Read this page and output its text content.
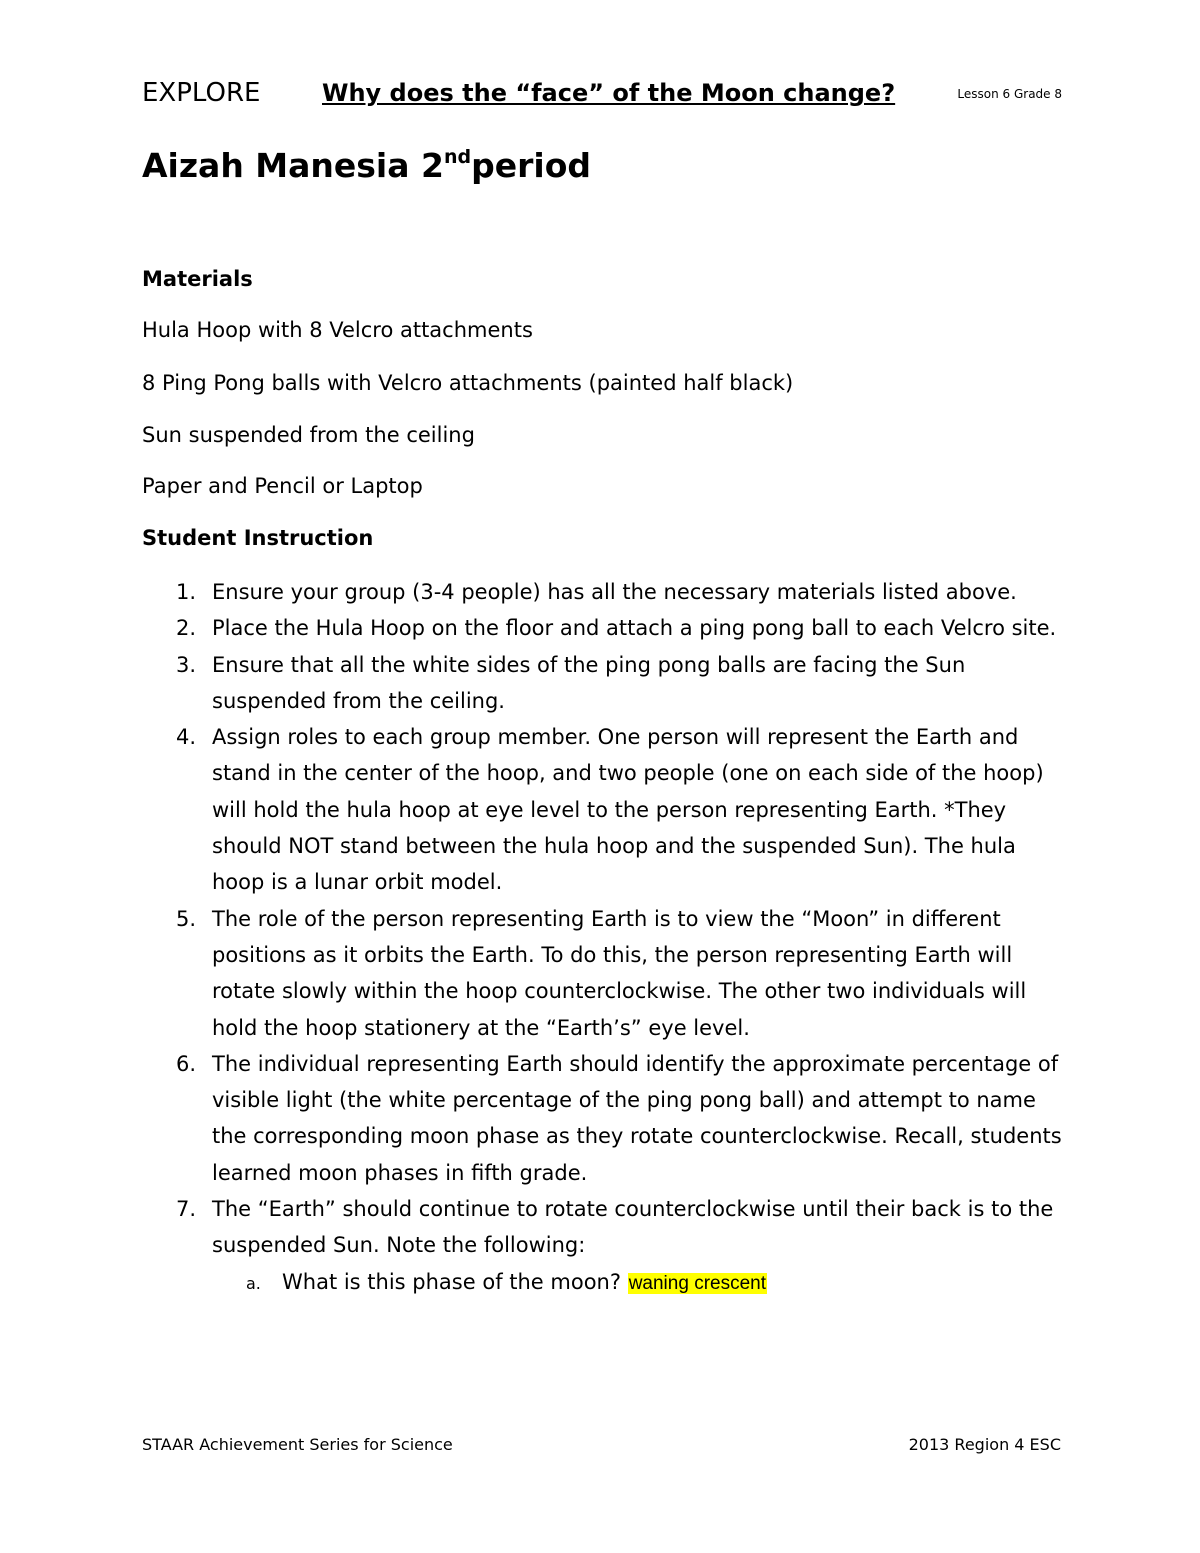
EXPLORE	Why does the “face” of the Moon change?	Lesson 6 Grade 8
Aizah Manesia 2ndperiod
Materials
Hula Hoop with 8 Velcro attachments
8 Ping Pong balls with Velcro attachments (painted half black)
Sun suspended from the ceiling
Paper and Pencil or Laptop
Student Instruction
1. Ensure your group (3-4 people) has all the necessary materials listed above.
2. Place the Hula Hoop on the floor and attach a ping pong ball to each Velcro site.
3. Ensure that all the white sides of the ping pong balls are facing the Sun suspended from the ceiling.
4. Assign roles to each group member. One person will represent the Earth and stand in the center of the hoop, and two people (one on each side of the hoop) will hold the hula hoop at eye level to the person representing Earth. *They should NOT stand between the hula hoop and the suspended Sun). The hula hoop is a lunar orbit model.
5. The role of the person representing Earth is to view the “Moon” in different positions as it orbits the Earth. To do this, the person representing Earth will rotate slowly within the hoop counterclockwise. The other two individuals will hold the hoop stationery at the “Earth’s” eye level.
6. The individual representing Earth should identify the approximate percentage of visible light (the white percentage of the ping pong ball) and attempt to name the corresponding moon phase as they rotate counterclockwise. Recall, students learned moon phases in fifth grade.
7. The “Earth” should continue to rotate counterclockwise until their back is to the suspended Sun. Note the following:
a. What is this phase of the moon? waning crescent
STAAR Achievement Series for Science	2013 Region 4 ESC
